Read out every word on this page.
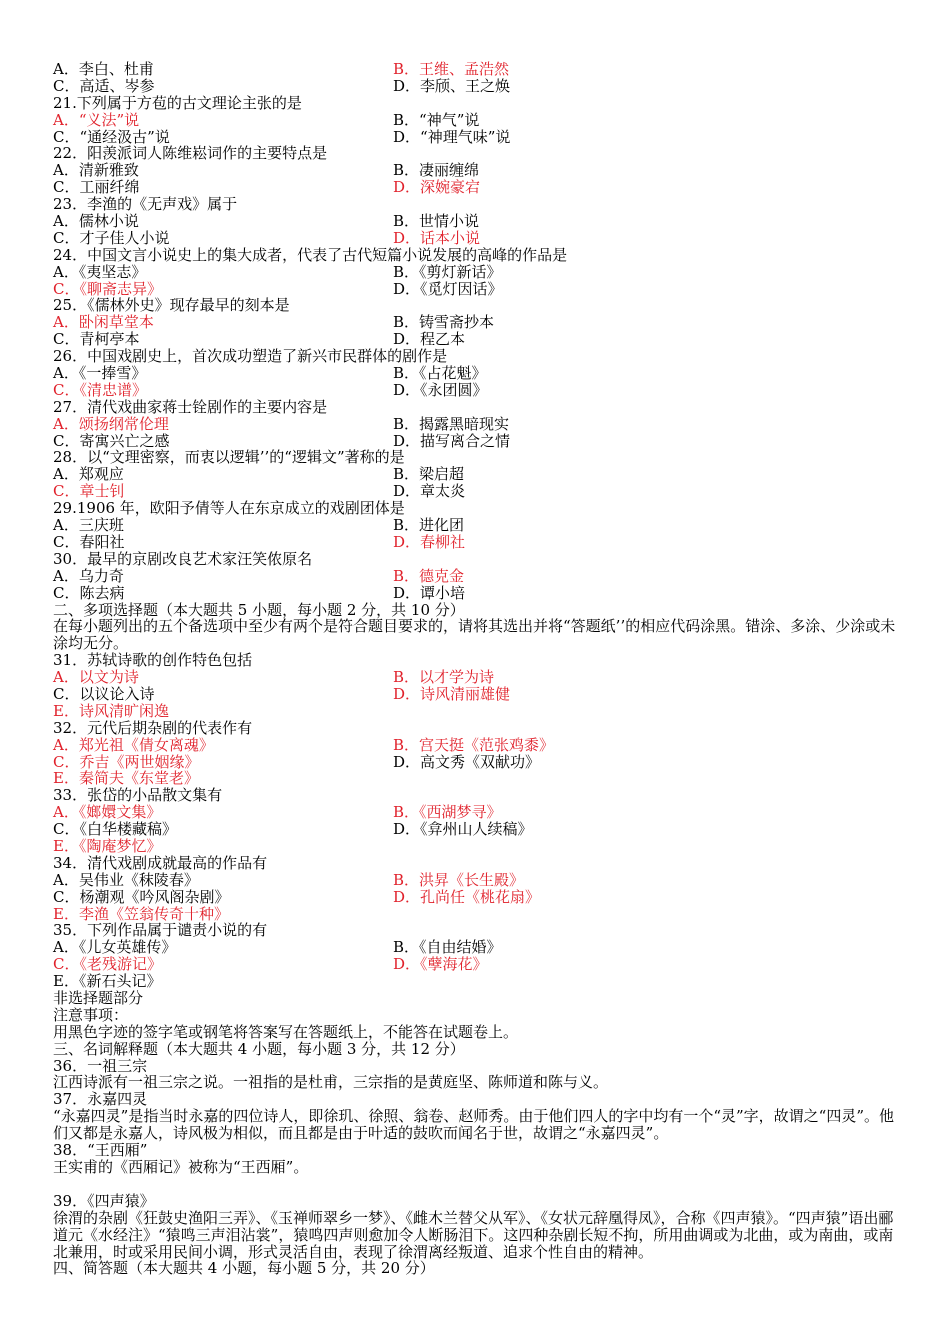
A．李白、杜甫	B．王维、孟浩然
C．高适、岑参	D．李颀、王之焕
21.下列属于方苞的古文理论主张的是
A．“义法”说	B．“神气”说
C．“通经汲古”说	D．“神理气味”说
22．阳羡派词人陈维崧词作的主要特点是
A．清新雅致	B．凄丽缠绵
C．工丽纤绵	D．深婉豪宕
23．李渔的《无声戏》属于
A．儒林小说	B．世情小说
C．才子佳人小说	D．话本小说
24．中国文言小说史上的集大成者，代表了古代短篇小说发展的高峰的作品是
A．《夷坚志》	B．《剪灯新话》
C．《聊斋志异》	D．《觅灯因话》
25．《儒林外史》现存最早的刻本是
A．卧闲草堂本	B．铸雪斋抄本
C．青柯亭本	D．程乙本
26．中国戏剧史上，首次成功塑造了新兴市民群体的剧作是
A．《一捧雪》	B．《占花魁》
C．《清忠谱》	D．《永团圆》
27．清代戏曲家蒋士铨剧作的主要内容是
A．颂扬纲常伦理	B．揭露黑暗现实
C．寄寓兴亡之感	D．描写离合之情
28．以“文理密察，而衷以逻辑’’的“逻辑文”著称的是
A．郑观应	B．梁启超
C．章士钊	D．章太炎
29.1906 年，欧阳予倩等人在东京成立的戏剧团体是
A．三庆班	B．进化团
C．春阳社	D．春柳社
30．最早的京剧改良艺术家汪笑侬原名
A．乌力奇	B．德克金
C．陈去病	D．谭小培
二、多项选择题（本大题共 5 小题，每小题 2 分，共 10 分）
在每小题列出的五个备选项中至少有两个是符合题目要求的，请将其选出并将“答题纸’’的相应代码涂黑。错涂、多涂、少涂或未涂均无分。
31．苏轼诗歌的创作特色包括
A．以文为诗	B．以才学为诗
C．以议论入诗	D．诗风清丽雄健
E．诗风清旷闲逸
32．元代后期杂剧的代表作有
A．郑光祖《倩女离魂》	B．宫天挺《范张鸡黍》
C．乔吉《两世姻缘》	D．高文秀《双献功》
E．秦简夫《东堂老》
33．张岱的小品散文集有
A．《嫏嬛文集》	B．《西湖梦寻》
C．《白华楼藏稿》	D．《弇州山人续稿》
E．《陶庵梦忆》
34．清代戏剧成就最高的作品有
A．吴伟业《秣陵春》	B．洪昇《长生殿》
C．杨潮观《吟风阁杂剧》	D．孔尚任《桃花扇》
E．李渔《笠翁传奇十种》
35．下列作品属于谴责小说的有
A．《儿女英雄传》	B．《自由结婚》
C．《老残游记》	D．《孽海花》
E．《新石头记》
非选择题部分
注意事项：
用黑色字迹的签字笔或钢笔将答案写在答题纸上，不能答在试题卷上。
三、名词解释题（本大题共 4 小题，每小题 3 分，共 12 分）
36．一祖三宗
江西诗派有一祖三宗之说。一祖指的是杜甫，三宗指的是黄庭坚、陈师道和陈与义。
37．永嘉四灵
“永嘉四灵”是指当时永嘉的四位诗人，即徐玑、徐照、翁卷、赵师秀。由于他们四人的字中均有一个“灵”字，故谓之“四灵”。他们又都是永嘉人，诗风极为相似，而且都是由于叶适的鼓吹而闻名于世，故谓之“永嘉四灵”。
38．“王西厢”
王实甫的《西厢记》被称为“王西厢”。
39．《四声猿》
徐渭的杂剧《狂鼓史渔阳三弄》、《玉禅师翠乡一梦》、《雌木兰替父从军》、《女状元辞凰得凤》，合称《四声猿》。“四声猿”语出郦道元《水经注》“猿鸣三声泪沾裳”，猿鸣四声则愈加令人断肠泪下。这四种杂剧长短不拘，所用曲调或为北曲，或为南曲，或南北兼用，时或采用民间小调，形式灵活自由，表现了徐渭离经叛道、追求个性自由的精神。
四、简答题（本大题共 4 小题，每小题 5 分，共 20 分）
